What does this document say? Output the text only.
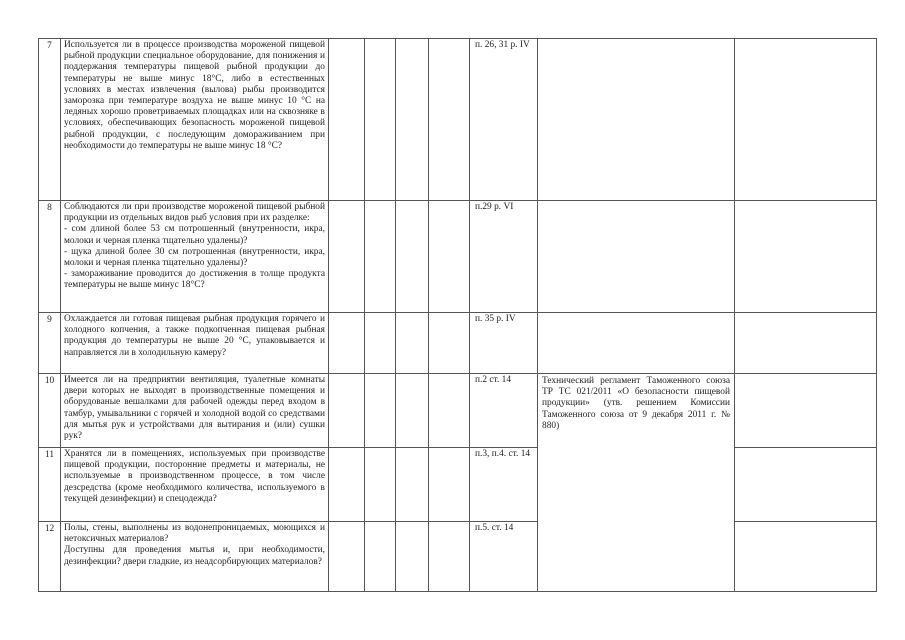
7	Используется ли в процессе производства мороженой пищевой рыбной продукции специальное оборудование, для понижения и поддержания температуры пищевой рыбной продукции до температуры не выше минус 18°С, либо в естественных условиях в местах извлечения (вылова) рыбы производится заморозка при температуре воздуха не выше минус 10 °С на ледяных хорошо проветриваемых площадках или на сквозняке в условиях, обеспечивающих безопасность мороженой пищевой рыбной продукции, с последующим домораживанием при необходимости до температуры не выше минус 18 °С?					п. 26, 31 р. IV		
8	Соблюдаются ли при производстве мороженой пищевой рыбной продукции из отдельных видов рыб условия при их разделке:
- сом длиной более 53 см потрошенный (внутренности, икра, молоки и черная пленка тщательно удалены)?
- щука длиной более 30 см потрошенная (внутренности, икра, молоки и черная пленка тщательно удалены)?
- замораживание проводится до достижения в толще продукта температуры не выше минус 18°С?					п.29 р. VI		
9	Охлаждается ли готовая пищевая рыбная продукция горячего и холодного копчения, а также подкопченная пищевая рыбная продукция до температуры не выше 20 °С, упаковывается и направляется ли в холодильную камеру?					п. 35 р. IV		
10	Имеется ли на предприятии вентиляция, туалетные комнаты двери которых не выходят в производственные помещения и оборудованые вешалками для рабочей одежды перед входом в тамбур, умывальники с горячей и холодной водой со средствами для мытья рук и устройствами для вытирания и (или) сушки рук?					п.2 ст. 14	Технический регламент Таможенного союза ТР ТС 021/2011 «О безопасности пищевой продукции» (утв. решением Комиссии Таможенного союза от 9 декабря 2011 г. № 880)	
11	Хранятся ли в помещениях, используемых при производстве пищевой продукции, посторонние предметы и материалы, не используемые в производственном процессе, в том числе дезсредства (кроме необходимого количества, используемого в текущей дезинфекции) и спецодежда?					п.3, п.4. ст. 14		
12	Полы, стены, выполнены из водонепроницаемых, моющихся и нетоксичных материалов?
Доступны для проведения мытья и, при необходимости, дезинфекции? двери гладкие, из неадсорбирующих материалов?					п.5. ст. 14		
